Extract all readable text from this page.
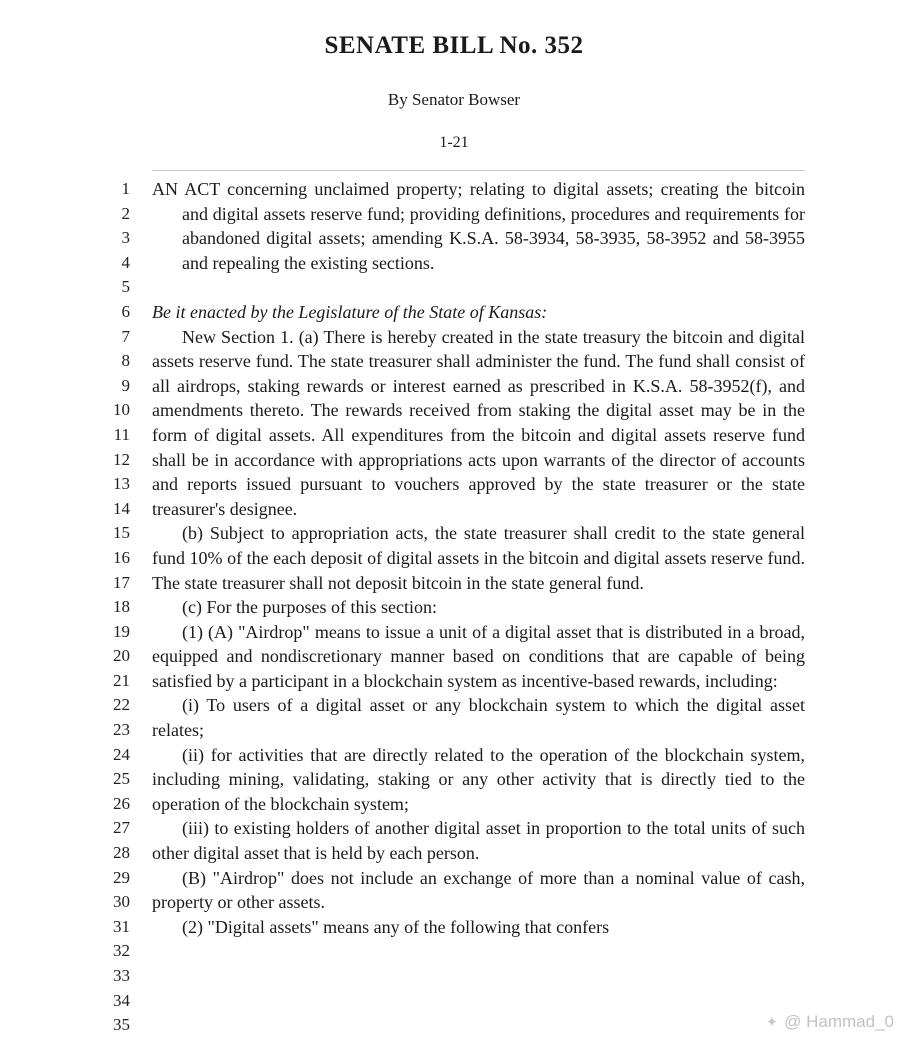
SENATE BILL No. 352
By Senator Bowser
1-21
1
2
3
4
5
6
7
8
9
10
11
12
13
14
15
16
17
18
19
20
21
22
23
24
25
26
27
28
29
30
31
32
33
34
35

AN ACT concerning unclaimed property; relating to digital assets; creating the bitcoin and digital assets reserve fund; providing definitions, procedures and requirements for abandoned digital assets; amending K.S.A. 58-3934, 58-3935, 58-3952 and 58-3955 and repealing the existing sections.

Be it enacted by the Legislature of the State of Kansas:

New Section 1. (a) There is hereby created in the state treasury the bitcoin and digital assets reserve fund. The state treasurer shall administer the fund. The fund shall consist of all airdrops, staking rewards or interest earned as prescribed in K.S.A. 58-3952(f), and amendments thereto. The rewards received from staking the digital asset may be in the form of digital assets. All expenditures from the bitcoin and digital assets reserve fund shall be in accordance with appropriations acts upon warrants of the director of accounts and reports issued pursuant to vouchers approved by the state treasurer or the state treasurer's designee.

(b) Subject to appropriation acts, the state treasurer shall credit to the state general fund 10% of the each deposit of digital assets in the bitcoin and digital assets reserve fund. The state treasurer shall not deposit bitcoin in the state general fund.

(c) For the purposes of this section:

(1) (A) "Airdrop" means to issue a unit of a digital asset that is distributed in a broad, equipped and nondiscretionary manner based on conditions that are capable of being satisfied by a participant in a blockchain system as incentive-based rewards, including:

(i) To users of a digital asset or any blockchain system to which the digital asset relates;

(ii) for activities that are directly related to the operation of the blockchain system, including mining, validating, staking or any other activity that is directly tied to the operation of the blockchain system;

(iii) to existing holders of another digital asset in proportion to the total units of such other digital asset that is held by each person.

(B) "Airdrop" does not include an exchange of more than a nominal value of cash, property or other assets.

(2) "Digital assets" means any of the following that confers

✦ @ Hammad_0
